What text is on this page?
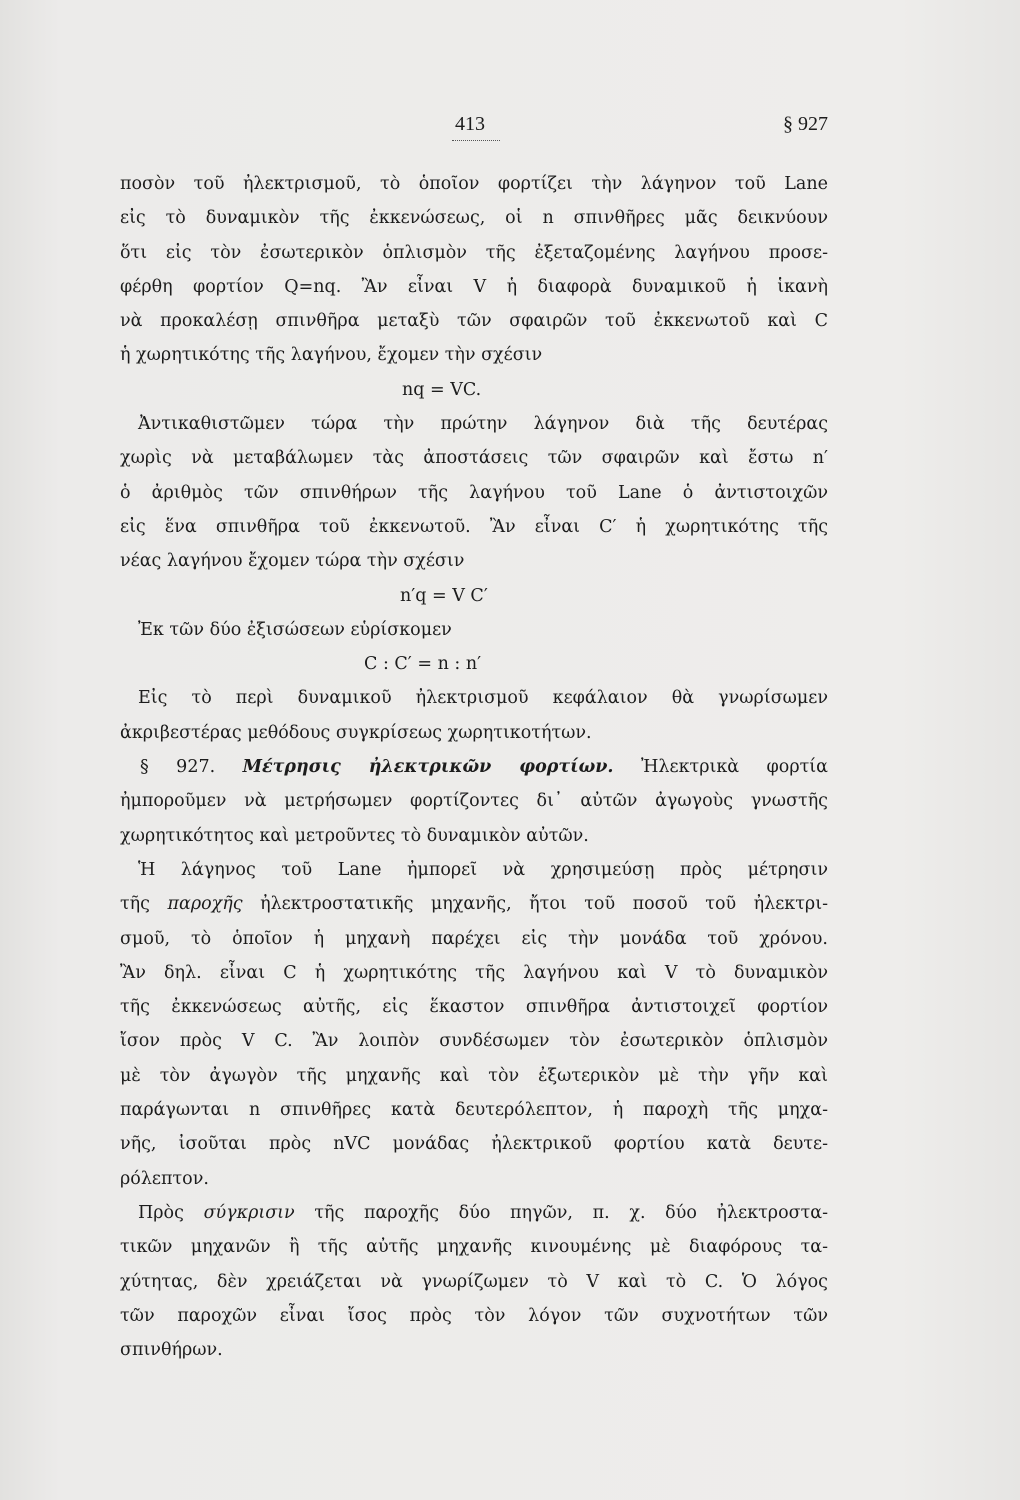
413	§ 927
ποσὸν τοῦ ἠλεκτρισμοῦ, τὸ ὁποῖον φορτίζει τὴν λάγηνον τοῦ Lane
εἰς τὸ δυναμικὸν τῆς ἐκκενώσεως, οἱ n σπινθῆρες μᾶς δεικνύουν
ὅτι εἰς τὸν ἐσωτερικὸν ὁπλισμὸν τῆς ἐξεταζομένης λαγήνου προσε-
φέρθη φορτίον Q=nq. Ἂν εἶναι V ἡ διαφορὰ δυναμικοῦ ἡ ἱκανὴ
νὰ προκαλέσῃ σπινθῆρα μεταξὺ τῶν σφαιρῶν τοῦ ἐκκενωτοῦ καὶ C
ἡ χωρητικότης τῆς λαγήνου, ἔχομεν τὴν σχέσιν
nq = VC.
Ἀντικαθιστῶμεν τώρα τὴν πρώτην λάγηνον διὰ τῆς δευτέρας
χωρὶς νὰ μεταβάλωμεν τὰς ἀποστάσεις τῶν σφαιρῶν καὶ ἔστω n′
ὁ ἀριθμὸς τῶν σπινθήρων τῆς λαγήνου τοῦ Lane ὁ ἀντιστοιχῶν
εἰς ἕνα σπινθῆρα τοῦ ἐκκενωτοῦ. Ἂν εἶναι C′ ἡ χωρητικότης τῆς
νέας λαγήνου ἔχομεν τώρα τὴν σχέσιν
n′q = V C′
Ἐκ τῶν δύο ἐξισώσεων εὑρίσκομεν
C : C′ = n : n′
Εἰς τὸ περὶ δυναμικοῦ ἠλεκτρισμοῦ κεφάλαιον θὰ γνωρίσωμεν
ἀκριβεστέρας μεθόδους συγκρίσεως χωρητικοτήτων.
§ 927. Μέτρησις ἠλεκτρικῶν φορτίων. Ἠλεκτρικὰ φορτία
ἠμποροῦμεν νὰ μετρήσωμεν φορτίζοντες δι᾽ αὐτῶν ἀγωγοὺς γνωστῆς
χωρητικότητος καὶ μετροῦντες τὸ δυναμικὸν αὐτῶν.
Ἡ λάγηνος τοῦ Lane ἠμπορεῖ νὰ χρησιμεύσῃ πρὸς μέτρησιν
τῆς παροχῆς ἠλεκτροστατικῆς μηχανῆς, ἤτοι τοῦ ποσοῦ τοῦ ἠλεκτρι-
σμοῦ, τὸ ὁποῖον ἡ μηχανὴ παρέχει εἰς τὴν μονάδα τοῦ χρόνου.
Ἂν δηλ. εἶναι C ἡ χωρητικότης τῆς λαγήνου καὶ V τὸ δυναμικὸν
τῆς ἐκκενώσεως αὐτῆς, εἰς ἕκαστον σπινθῆρα ἀντιστοιχεῖ φορτίον
ἴσον πρὸς V C. Ἂν λοιπὸν συνδέσωμεν τὸν ἐσωτερικὸν ὁπλισμὸν
μὲ τὸν ἀγωγὸν τῆς μηχανῆς καὶ τὸν ἐξωτερικὸν μὲ τὴν γῆν καὶ
παράγωνται n σπινθῆρες κατὰ δευτερόλεπτον, ἡ παροχὴ τῆς μηχα-
νῆς, ἰσοῦται πρὸς nVC μονάδας ἠλεκτρικοῦ φορτίου κατὰ δευτε-
ρόλεπτον.
Πρὸς σύγκρισιν τῆς παροχῆς δύο πηγῶν, π. χ. δύο ἠλεκτροστα-
τικῶν μηχανῶν ἢ τῆς αὐτῆς μηχανῆς κινουμένης μὲ διαφόρους τα-
χύτητας, δὲν χρειάζεται νὰ γνωρίζωμεν τὸ V καὶ τὸ C. Ὁ λόγος
τῶν παροχῶν εἶναι ἴσος πρὸς τὸν λόγον τῶν συχνοτήτων τῶν
σπινθήρων.
